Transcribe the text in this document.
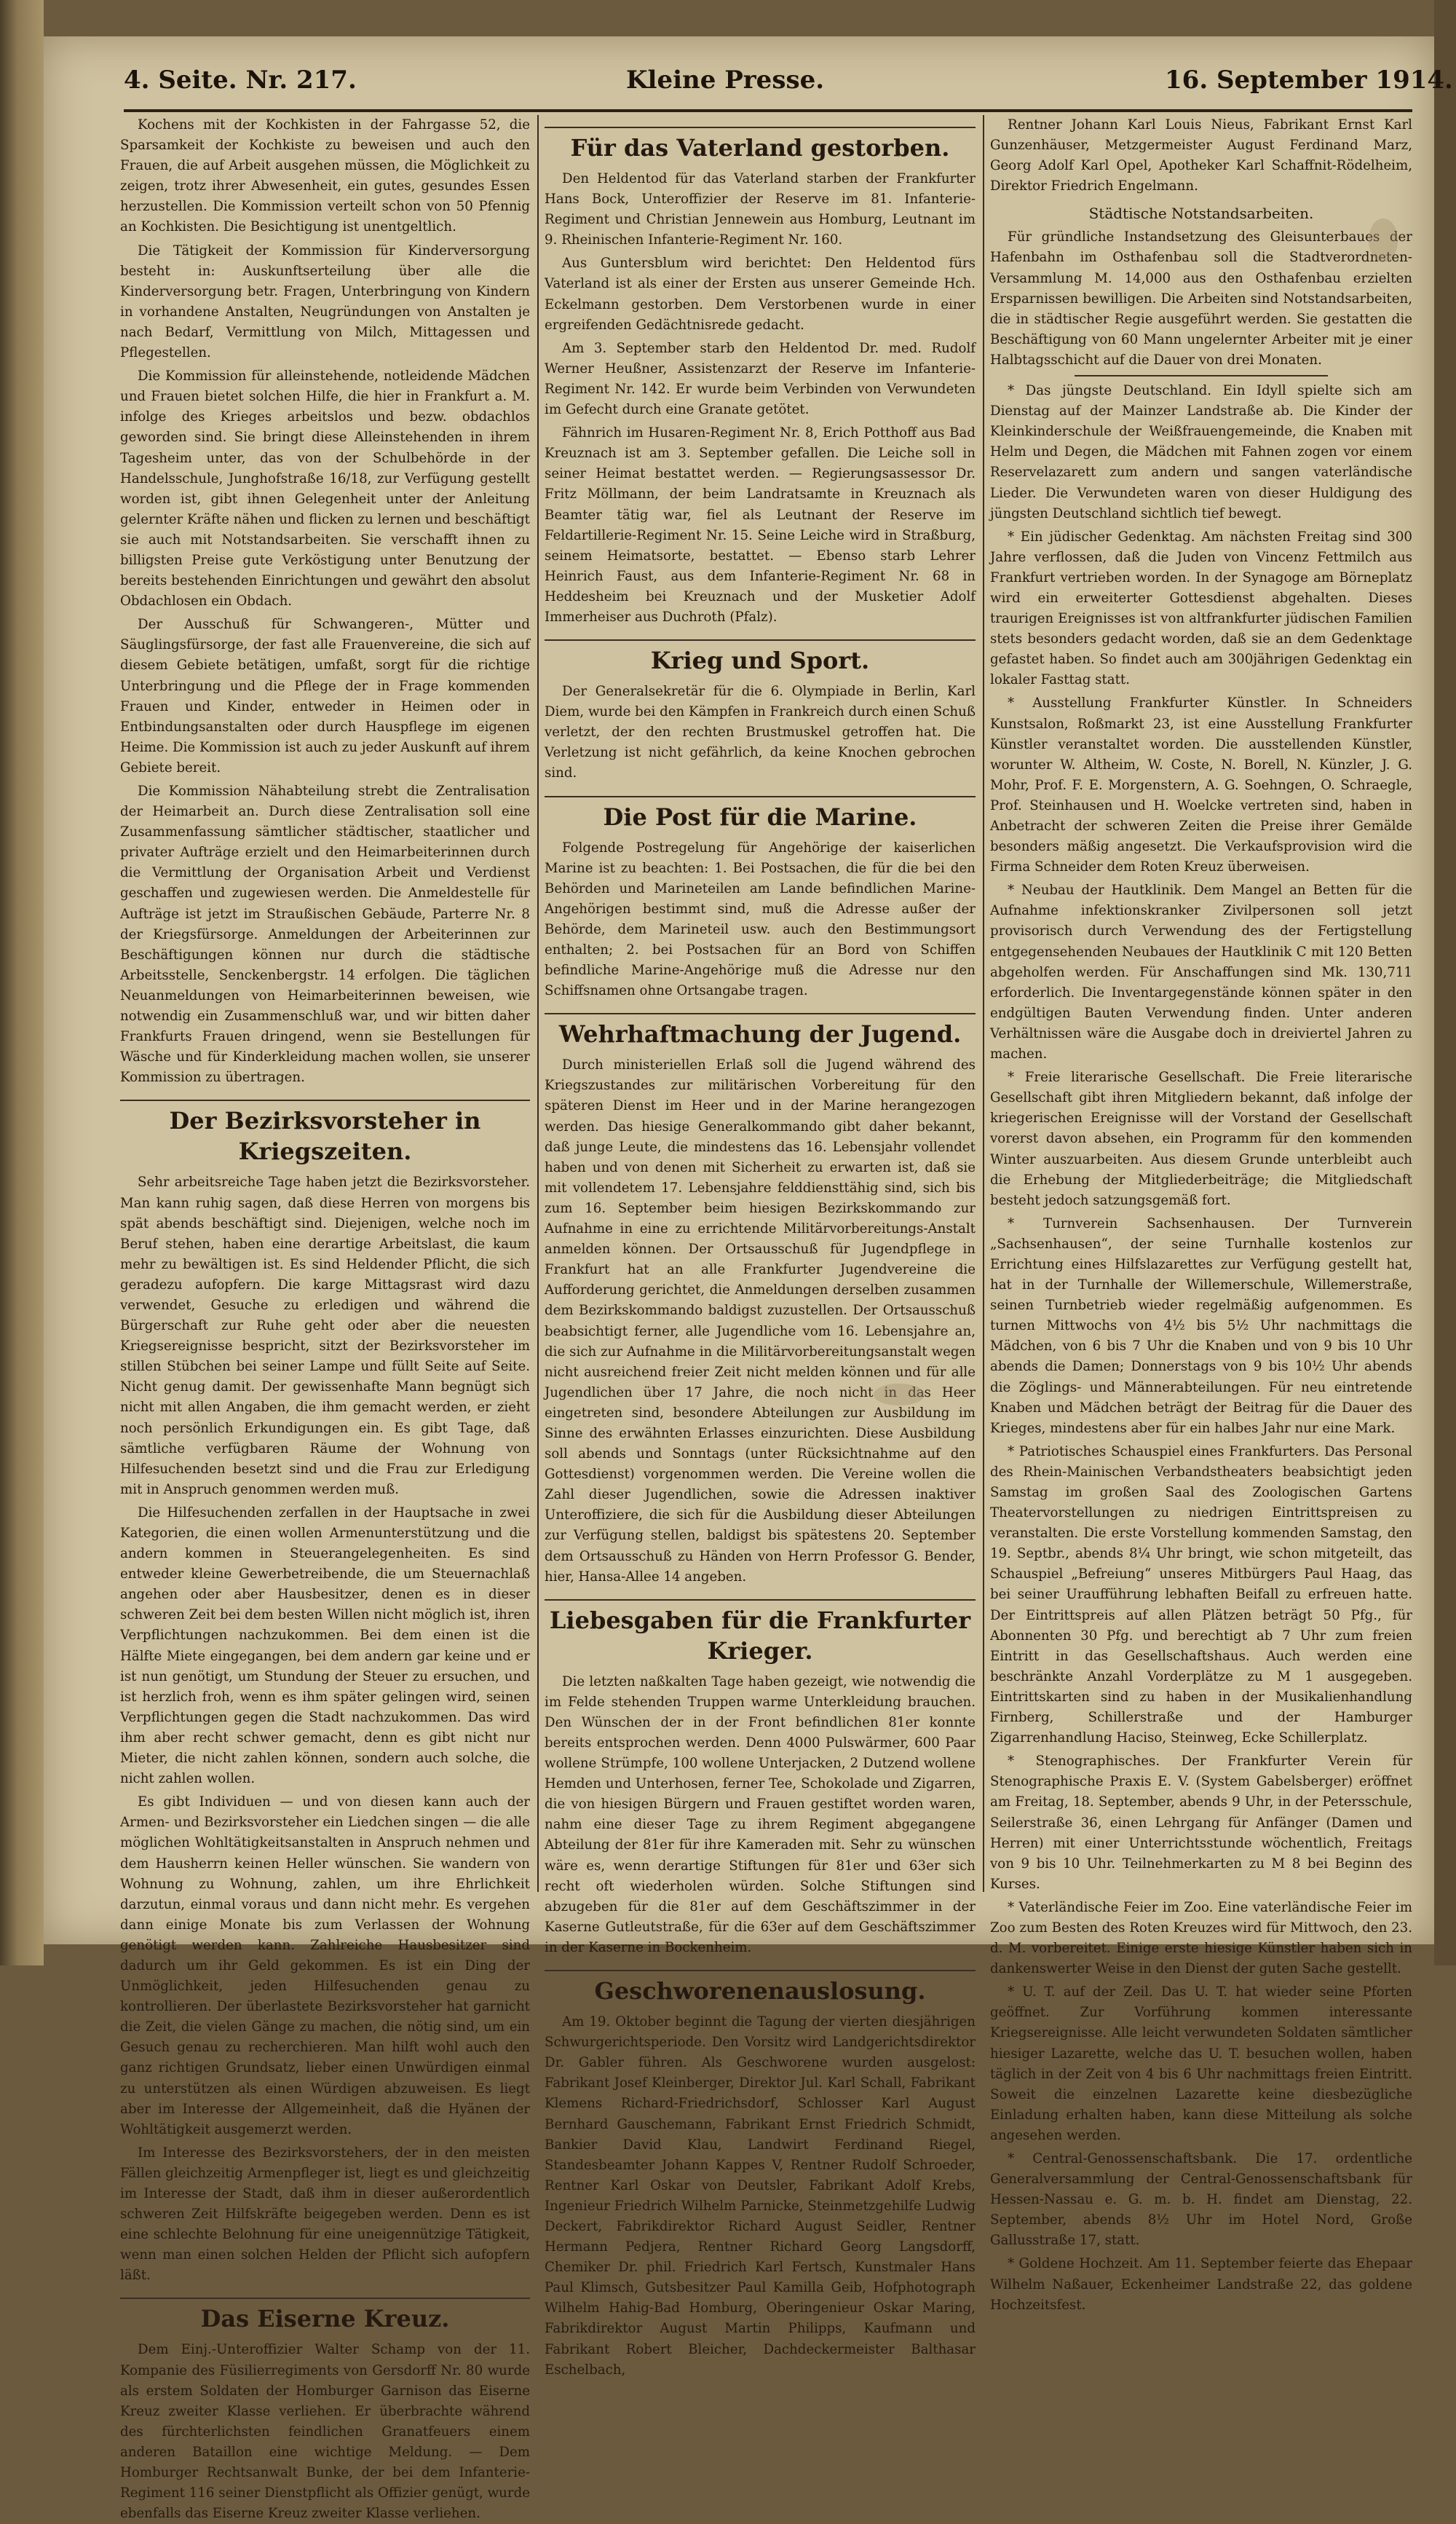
4. Seite. Nr. 217.	Kleine Presse.	16. September 1914.

Kochens mit der Kochkisten in der Fahrgasse 52, die Sparsamkeit der Kochkiste zu beweisen und auch den Frauen, die auf Arbeit ausgehen müssen, die Möglichkeit zu zeigen, trotz ihrer Abwesenheit, ein gutes, gesundes Essen herzustellen. Die Kommission verteilt schon von 50 Pfennig an Kochkisten. Die Besichtigung ist unentgeltlich.

Die Tätigkeit der Kommission für Kinderversorgung besteht in: Auskunftserteilung über alle die Kinderversorgung betr. Fragen, Unterbringung von Kindern in vorhandene Anstalten, Neugründungen von Anstalten je nach Bedarf, Vermittlung von Milch, Mittagessen und Pflegestellen.

Die Kommission für alleinstehende, notleidende Mädchen und Frauen bietet solchen Hilfe, die hier in Frankfurt a. M. infolge des Krieges arbeitslos und bezw. obdachlos geworden sind. Sie bringt diese Alleinstehenden in ihrem Tagesheim unter, das von der Schulbehörde in der Handelsschule, Junghofstraße 16/18, zur Verfügung gestellt worden ist, gibt ihnen Gelegenheit unter der Anleitung gelernter Kräfte nähen und flicken zu lernen und beschäftigt sie auch mit Notstandsarbeiten. Sie verschafft ihnen zu billigsten Preise gute Verköstigung unter Benutzung der bereits bestehenden Einrichtungen und gewährt den absolut Obdachlosen ein Obdach.

Der Ausschuß für Schwangeren-, Mütter und Säuglingsfürsorge, der fast alle Frauenvereine, die sich auf diesem Gebiete betätigen, umfaßt, sorgt für die richtige Unterbringung und die Pflege der in Frage kommenden Frauen und Kinder, entweder in Heimen oder in Entbindungsanstalten oder durch Hauspflege im eigenen Heime. Die Kommission ist auch zu jeder Auskunft auf ihrem Gebiete bereit.

Die Kommission Nähabteilung strebt die Zentralisation der Heimarbeit an. Durch diese Zentralisation soll eine Zusammenfassung sämtlicher städtischer, staatlicher und privater Aufträge erzielt und den Heimarbeiterinnen durch die Vermittlung der Organisation Arbeit und Verdienst geschaffen und zugewiesen werden. Die Anmeldestelle für Aufträge ist jetzt im Straußischen Gebäude, Parterre Nr. 8 der Kriegsfürsorge. Anmeldungen der Arbeiterinnen zur Beschäftigungen können nur durch die städtische Arbeitsstelle, Senckenbergstr. 14 erfolgen. Die täglichen Neuanmeldungen von Heimarbeiterinnen beweisen, wie notwendig ein Zusammenschluß war, und wir bitten daher Frankfurts Frauen dringend, wenn sie Bestellungen für Wäsche und für Kinderkleidung machen wollen, sie unserer Kommission zu übertragen.

Der Bezirksvorsteher in Kriegszeiten.

Sehr arbeitsreiche Tage haben jetzt die Bezirksvorsteher. Man kann ruhig sagen, daß diese Herren von morgens bis spät abends beschäftigt sind. Diejenigen, welche noch im Beruf stehen, haben eine derartige Arbeitslast, die kaum mehr zu bewältigen ist. Es sind Heldender Pflicht, die sich geradezu aufopfern. Die karge Mittagsrast wird dazu verwendet, Gesuche zu erledigen und während die Bürgerschaft zur Ruhe geht oder aber die neuesten Kriegsereignisse bespricht, sitzt der Bezirksvorsteher im stillen Stübchen bei seiner Lampe und füllt Seite auf Seite. Nicht genug damit. Der gewissenhafte Mann begnügt sich nicht mit allen Angaben, die ihm gemacht werden, er zieht noch persönlich Erkundigungen ein. Es gibt Tage, daß sämtliche verfügbaren Räume der Wohnung von Hilfesuchenden besetzt sind und die Frau zur Erledigung mit in Anspruch genommen werden muß.

Die Hilfesuchenden zerfallen in der Hauptsache in zwei Kategorien, die einen wollen Armenunterstützung und die andern kommen in Steuerangelegenheiten. Es sind entweder kleine Gewerbetreibende, die um Steuernachlaß angehen oder aber Hausbesitzer, denen es in dieser schweren Zeit bei dem besten Willen nicht möglich ist, ihren Verpflichtungen nachzukommen. Bei dem einen ist die Hälfte Miete eingegangen, bei dem andern gar keine und er ist nun genötigt, um Stundung der Steuer zu ersuchen, und ist herzlich froh, wenn es ihm später gelingen wird, seinen Verpflichtungen gegen die Stadt nachzukommen. Das wird ihm aber recht schwer gemacht, denn es gibt nicht nur Mieter, die nicht zahlen können, sondern auch solche, die nicht zahlen wollen.

Es gibt Individuen — und von diesen kann auch der Armen- und Bezirksvorsteher ein Liedchen singen — die alle möglichen Wohltätigkeitsanstalten in Anspruch nehmen und dem Hausherrn keinen Heller wünschen. Sie wandern von Wohnung zu Wohnung, zahlen, um ihre Ehrlichkeit darzutun, einmal voraus und dann nicht mehr. Es vergehen dann einige Monate bis zum Verlassen der Wohnung genötigt werden kann. Zahlreiche Hausbesitzer sind dadurch um ihr Geld gekommen. Es ist ein Ding der Unmöglichkeit, jeden Hilfesuchenden genau zu kontrollieren. Der überlastete Bezirksvorsteher hat garnicht die Zeit, die vielen Gänge zu machen, die nötig sind, um ein Gesuch genau zu recherchieren. Man hilft wohl auch den ganz richtigen Grundsatz, lieber einen Unwürdigen einmal zu unterstützen als einen Würdigen abzuweisen. Es liegt aber im Interesse der Allgemeinheit, daß die Hyänen der Wohltätigkeit ausgemerzt werden.

Im Interesse des Bezirksvorstehers, der in den meisten Fällen gleichzeitig Armenpfleger ist, liegt es und gleichzeitig im Interesse der Stadt, daß ihm in dieser außerordentlich schweren Zeit Hilfskräfte beigegeben werden. Denn es ist eine schlechte Belohnung für eine uneigennützige Tätigkeit, wenn man einen solchen Helden der Pflicht sich aufopfern läßt.

Das Eiserne Kreuz.

Dem Einj.-Unteroffizier Walter Schamp von der 11. Kompanie des Füsilierregiments von Gersdorff Nr. 80 wurde als erstem Soldaten der Homburger Garnison das Eiserne Kreuz zweiter Klasse verliehen. Er überbrachte während des fürchterlichsten feindlichen Granatfeuers einem anderen Bataillon eine wichtige Meldung. — Dem Homburger Rechtsanwalt Bunke, der bei dem Infanterie-Regiment 116 seiner Dienstpflicht als Offizier genügt, wurde ebenfalls das Eiserne Kreuz zweiter Klasse verliehen.

Für das Vaterland gestorben.

Den Heldentod für das Vaterland starben der Frankfurter Hans Bock, Unteroffizier der Reserve im 81. Infanterie-Regiment und Christian Jennewein aus Homburg, Leutnant im 9. Rheinischen Infanterie-Regiment Nr. 160.

Aus Guntersblum wird berichtet: Den Heldentod fürs Vaterland ist als einer der Ersten aus unserer Gemeinde Hch. Eckelmann gestorben. Dem Verstorbenen wurde in einer ergreifenden Gedächtnisrede gedacht.

Am 3. September starb den Heldentod Dr. med. Rudolf Werner Heußner, Assistenzarzt der Reserve im Infanterie-Regiment Nr. 142. Er wurde beim Verbinden von Verwundeten im Gefecht durch eine Granate getötet.

Fähnrich im Husaren-Regiment Nr. 8, Erich Potthoff aus Bad Kreuznach ist am 3. September gefallen. Die Leiche soll in seiner Heimat bestattet werden. — Regierungsassessor Dr. Fritz Möllmann, der beim Landratsamte in Kreuznach als Beamter tätig war, fiel als Leutnant der Reserve im Feldartillerie-Regiment Nr. 15. Seine Leiche wird in Straßburg, seinem Heimatsorte, bestattet. — Ebenso starb Lehrer Heinrich Faust, aus dem Infanterie-Regiment Nr. 68 in Heddesheim bei Kreuznach und der Musketier Adolf Immerheiser aus Duchroth (Pfalz).

Krieg und Sport.

Der Generalsekretär für die 6. Olympiade in Berlin, Karl Diem, wurde bei den Kämpfen in Frankreich durch einen Schuß verletzt, der den rechten Brustmuskel getroffen hat. Die Verletzung ist nicht gefährlich, da keine Knochen gebrochen sind.

Die Post für die Marine.

Folgende Postregelung für Angehörige der kaiserlichen Marine ist zu beachten: 1. Bei Postsachen, die für die bei den Behörden und Marineteilen am Lande befindlichen Marine-Angehörigen bestimmt sind, muß die Adresse außer der Behörde, dem Marineteil usw. auch den Bestimmungsort enthalten; 2. bei Postsachen für an Bord von Schiffen befindliche Marine-Angehörige muß die Adresse nur den Schiffsnamen ohne Ortsangabe tragen.

Wehrhaftmachung der Jugend.

Durch ministeriellen Erlaß soll die Jugend während des Kriegszustandes zur militärischen Vorbereitung für den späteren Dienst im Heer und in der Marine herangezogen werden. Das hiesige Generalkommando gibt daher bekannt, daß junge Leute, die mindestens das 16. Lebensjahr vollendet haben und von denen mit Sicherheit zu erwarten ist, daß sie mit vollendetem 17. Lebensjahre felddiensttähig sind, sich bis zum 16. September beim hiesigen Bezirkskommando zur Aufnahme in eine zu errichtende Militärvorbereitungs-Anstalt anmelden können. Der Ortsausschuß für Jugendpflege in Frankfurt hat an alle Frankfurter Jugendvereine die Aufforderung gerichtet, die Anmeldungen derselben zusammen dem Bezirkskommando baldigst zuzustellen. Der Ortsausschuß beabsichtigt ferner, alle Jugendliche vom 16. Lebensjahre an, die sich zur Aufnahme in die Militärvorbereitungsanstalt wegen nicht ausreichend freier Zeit nicht melden können und für alle Jugendlichen über 17 Jahre, die noch nicht in das Heer eingetreten sind, besondere Abteilungen zur Ausbildung im Sinne des erwähnten Erlasses einzurichten. Diese Ausbildung soll abends und Sonntags (unter Rücksichtnahme auf den Gottesdienst) vorgenommen werden. Die Vereine wollen die Zahl dieser Jugendlichen, sowie die Adressen inaktiver Unteroffiziere, die sich für die Ausbildung dieser Abteilungen zur Verfügung stellen, baldigst bis spätestens 20. September dem Ortsausschuß zu Händen von Herrn Professor G. Bender, hier, Hansa-Allee 14 angeben.

Liebesgaben für die Frankfurter Krieger.

Die letzten naßkalten Tage haben gezeigt, wie notwendig die im Felde stehenden Truppen warme Unterkleidung brauchen. Den Wünschen der in der Front befindlichen 81er konnte bereits entsprochen werden. Denn 4000 Pulswärmer, 600 Paar wollene Strümpfe, 100 wollene Unterjacken, 2 Dutzend wollene Hemden und Unterhosen, ferner Tee, Schokolade und Zigarren, die von hiesigen Bürgern und Frauen gestiftet worden waren, nahm eine dieser Tage zu ihrem Regiment abgegangene Abteilung der 81er für ihre Kameraden mit. Sehr zu wünschen wäre es, wenn derartige Stiftungen für 81er und 63er sich recht oft wiederholen würden. Solche Stiftungen sind abzugeben für die 81er auf dem Geschäftszimmer in der Kaserne Gutleutstraße, für die 63er auf dem Geschäftszimmer in der Kaserne in Bockenheim.

Geschworenenauslosung.

Am 19. Oktober beginnt die Tagung der vierten diesjährigen Schwurgerichtsperiode. Den Vorsitz wird Landgerichtsdirektor Dr. Gabler führen. Als Geschworene wurden ausgelost: Fabrikant Josef Kleinberger, Direktor Jul. Karl Schall, Fabrikant Klemens Richard-Friedrichsdorf, Schlosser Karl August Bernhard Gauschemann, Fabrikant Ernst Friedrich Schmidt, Bankier David Klau, Landwirt Ferdinand Riegel, Standesbeamter Johann Kappes V, Rentner Rudolf Schroeder, Rentner Karl Oskar von Deutsler, Fabrikant Adolf Krebs, Ingenieur Friedrich Wilhelm Parnicke, Steinmetzgehilfe Ludwig Deckert, Fabrikdirektor Richard August Seidler, Rentner Hermann Pedjera, Rentner Richard Georg Langsdorff, Chemiker Dr. phil. Friedrich Karl Fertsch, Kunstmaler Hans Paul Klimsch, Gutsbesitzer Paul Kamilla Geib, Hofphotograph Wilhelm Hahig-Bad Homburg, Oberingenieur Oskar Maring, Fabrikdirektor August Martin Philipps, Kaufmann und Fabrikant Robert Bleicher, Dachdeckermeister Balthasar Eschelbach,

Rentner Johann Karl Louis Nieus, Fabrikant Ernst Karl Gunzenhäuser, Metzgermeister August Ferdinand Marz, Georg Adolf Karl Opel, Apotheker Karl Schaffnit-Rödelheim, Direktor Friedrich Engelmann.

Städtische Notstandsarbeiten.

Für gründliche Instandsetzung des Gleisunterbaues der Hafenbahn im Osthafenbau soll die Stadtverordneten-Versammlung M. 14,000 aus den Osthafenbau erzielten Ersparnissen bewilligen. Die Arbeiten sind Notstandsarbeiten, die in städtischer Regie ausgeführt werden. Sie gestatten die Beschäftigung von 60 Mann ungelernter Arbeiter mit je einer Halbtagsschicht auf die Dauer von drei Monaten.

* Das jüngste Deutschland. Ein Idyll spielte sich am Dienstag auf der Mainzer Landstraße ab. Die Kinder der Kleinkinderschule der Weißfrauengemeinde, die Knaben mit Helm und Degen, die Mädchen mit Fahnen zogen vor einem Reservelazarett zum andern und sangen vaterländische Lieder. Die Verwundeten waren von dieser Huldigung des jüngsten Deutschland sichtlich tief bewegt.

* Ein jüdischer Gedenktag. Am nächsten Freitag sind 300 Jahre verflossen, daß die Juden von Vincenz Fettmilch aus Frankfurt vertrieben worden. In der Synagoge am Börneplatz wird ein erweiterter Gottesdienst abgehalten. Dieses traurigen Ereignisses ist von altfrankfurter jüdischen Familien stets besonders gedacht worden, daß sie an dem Gedenktage gefastet haben. So findet auch am 300jährigen Gedenktag ein lokaler Fasttag statt.

* Ausstellung Frankfurter Künstler. In Schneiders Kunstsalon, Roßmarkt 23, ist eine Ausstellung Frankfurter Künstler veranstaltet worden. Die ausstellenden Künstler, worunter W. Altheim, W. Coste, N. Borell, N. Künzler, J. G. Mohr, Prof. F. E. Morgenstern, A. G. Soehngen, O. Schraegle, Prof. Steinhausen und H. Woelcke vertreten sind, haben in Anbetracht der schweren Zeiten die Preise ihrer Gemälde besonders mäßig angesetzt. Die Verkaufsprovision wird die Firma Schneider dem Roten Kreuz überweisen.

* Neubau der Hautklinik. Dem Mangel an Betten für die Aufnahme infektionskranker Zivilpersonen soll jetzt provisorisch durch Verwendung des der Fertigstellung entgegensehenden Neubaues der Hautklinik C mit 120 Betten abgeholfen werden. Für Anschaffungen sind Mk. 130,711 erforderlich. Die Inventargegenstände können später in den endgültigen Bauten Verwendung finden. Unter anderen Verhältnissen wäre die Ausgabe doch in dreiviertel Jahren zu machen.

* Freie literarische Gesellschaft. Die Freie literarische Gesellschaft gibt ihren Mitgliedern bekannt, daß infolge der kriegerischen Ereignisse will der Vorstand der Gesellschaft vorerst davon absehen, ein Programm für den kommenden Winter auszuarbeiten. Aus diesem Grunde unterbleibt auch die Erhebung der Mitgliederbeiträge; die Mitgliedschaft besteht jedoch satzungsgemäß fort.

* Turnverein Sachsenhausen. Der Turnverein „Sachsenhausen“, der seine Turnhalle kostenlos zur Errichtung eines Hilfslazarettes zur Verfügung gestellt hat, hat in der Turnhalle der Willemerschule, Willemerstraße, seinen Turnbetrieb wieder regelmäßig aufgenommen. Es turnen Mittwochs von 4½ bis 5½ Uhr nachmittags die Mädchen, von 6 bis 7 Uhr die Knaben und von 9 bis 10 Uhr abends die Damen; Donnerstags von 9 bis 10½ Uhr abends die Zöglings- und Männerabteilungen. Für neu eintretende Knaben und Mädchen beträgt der Beitrag für die Dauer des Krieges, mindestens aber für ein halbes Jahr nur eine Mark.

* Patriotisches Schauspiel eines Frankfurters. Das Personal des Rhein-Mainischen Verbandstheaters beabsichtigt jeden Samstag im großen Saal des Zoologischen Gartens Theatervorstellungen zu niedrigen Eintrittspreisen zu veranstalten. Die erste Vorstellung kommenden Samstag, den 19. Septbr., abends 8¼ Uhr bringt, wie schon mitgeteilt, das Schauspiel „Befreiung“ unseres Mitbürgers Paul Haag, das bei seiner Uraufführung lebhaften Beifall zu erfreuen hatte. Der Eintrittspreis auf allen Plätzen beträgt 50 Pfg., für Abonnenten 30 Pfg. und berechtigt ab 7 Uhr zum freien Eintritt in das Gesellschaftshaus. Auch werden eine beschränkte Anzahl Vorderplätze zu M 1 ausgegeben. Eintrittskarten sind zu haben in der Musikalienhandlung Firnberg, Schillerstraße und der Hamburger Zigarrenhandlung Haciso, Steinweg, Ecke Schillerplatz.

* Stenographisches. Der Frankfurter Verein für Stenographische Praxis E. V. (System Gabelsberger) eröffnet am Freitag, 18. September, abends 9 Uhr, in der Petersschule, Seilerstraße 36, einen Lehrgang für Anfänger (Damen und Herren) mit einer Unterrichtsstunde wöchentlich, Freitags von 9 bis 10 Uhr. Teilnehmerkarten zu M 8 bei Beginn des Kurses.

* Vaterländische Feier im Zoo. Eine vaterländische Feier im Zoo zum Besten des Roten Kreuzes wird für Mittwoch, den 23. d. M. vorbereitet. Einige erste hiesige Künstler haben sich in dankenswerter Weise in den Dienst der guten Sache gestellt.

* U. T. auf der Zeil. Das U. T. hat wieder seine Pforten geöffnet. Zur Vorführung kommen interessante Kriegsereignisse. Alle leicht verwundeten Soldaten sämtlicher hiesiger Lazarette, welche das U. T. besuchen wollen, haben täglich in der Zeit von 4 bis 6 Uhr nachmittags freien Eintritt. Soweit die einzelnen Lazarette keine diesbezügliche Einladung erhalten haben, kann diese Mitteilung als solche angesehen werden.

* Central-Genossenschaftsbank. Die 17. ordentliche Generalversammlung der Central-Genossenschaftsbank für Hessen-Nassau e. G. m. b. H. findet am Dienstag, 22. September, abends 8½ Uhr im Hotel Nord, Große Gallusstraße 17, statt.

* Goldene Hochzeit. Am 11. September feierte das Ehepaar Wilhelm Naßauer, Eckenheimer Landstraße 22, das goldene Hochzeitsfest.
